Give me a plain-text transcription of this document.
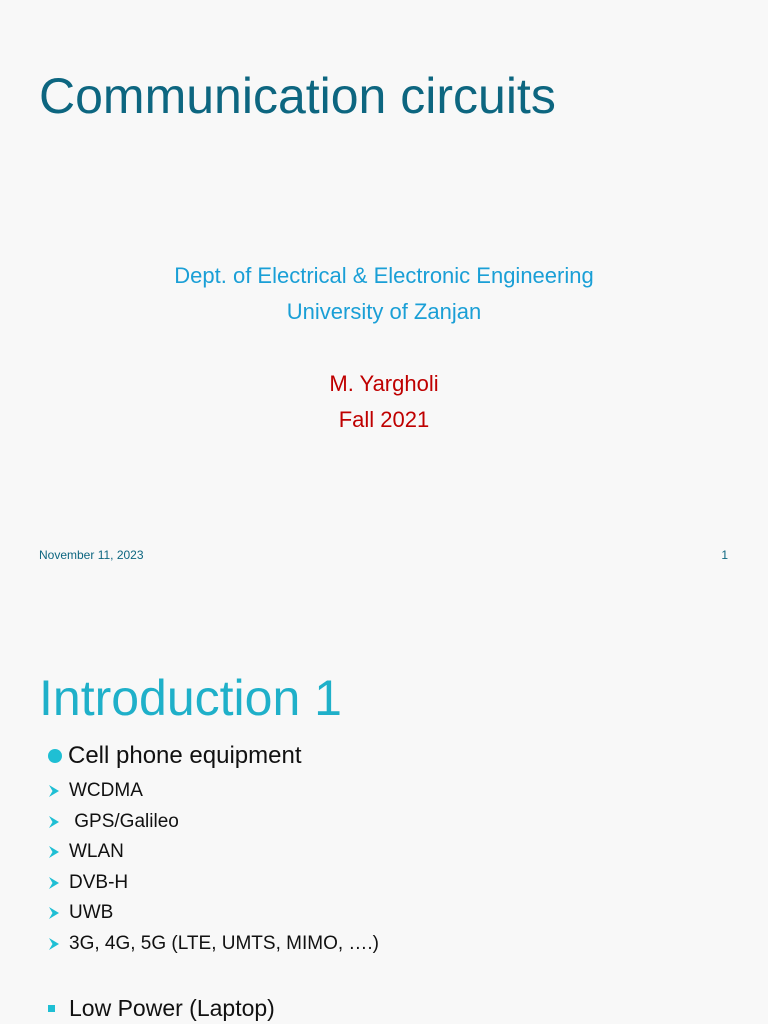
Communication circuits
Dept. of Electrical & Electronic Engineering
University of Zanjan
M. Yargholi
Fall 2021
November 11, 2023	1
Introduction 1
Cell phone equipment
WCDMA
GPS/Galileo
WLAN
DVB-H
UWB
3G, 4G, 5G (LTE, UMTS, MIMO, ….)
Low Power (Laptop)
